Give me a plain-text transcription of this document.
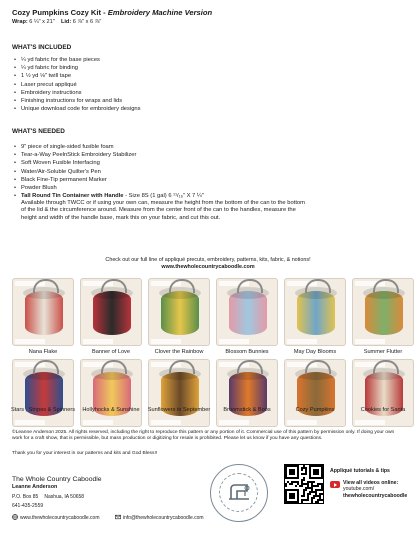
Cozy Pumpkins Cozy Kit - Embroidery Machine Version
Wrap: 6 ¼" x 21" Lid: 6 ⅞" x 6 ⅞"
WHAT'S INCLUDED
• ¼ yd fabric for the base pieces
• ¼ yd fabric for binding
• 1 ½ yd ⅛" twill tape
• Laser precut appliqué
• Embroidery instructions
• Finishing instructions for wraps and lids
• Unique download code for embroidery designs
WHAT'S NEEDED
• 9" piece of single-sided fusible foam
• Tear-a-Way PeelnStick Embroidery Stabilizer
• Soft Woven Fusible Interfacing
• Water/Air-Soluble Quilter's Pen
• Black Fine-Tip permanent Marker
• Powder Blush
• Tall Round Tin Container with Handle - Size 8S (1 gal) 6 ¹¹/₁₆" X 7 ¼"
Available through TWCC or if using your own can, measure the height from the bottom of the can to the bottom of the lid & the circumference around. Measure from the center front of the can to the handles, measure the height and width of the handle base, mark this on your fabric, and cut this out.
Check out our full line of appliqué precuts, embroidery, patterns, kits, fabric, & notions!
www.thewholecountrycaboodle.com
Nana Flake	Banner of Love	Clover the Rainbow	Blossom Bunnies	May Day Blooms	Summer Flutter
Stars , Stripes & Spinners	Hollyhocks & Sunshine	Sunflowers in September	Broomstick & Boos	Cozy Pumpkins	Cookies for Santa
©Leanne Anderson 2025. All rights reserved, including the right to reproduce this pattern or any portion of it. Commercial use of this pattern by permission only. If doing your own work for a craft show, that is permissible, but mass production or digitizing for resale is prohibited. Please let us know if you have any questions.
Thank you for your interest in our patterns and kits and God Bless!!
The Whole Country Caboodle
Leanne Anderson
P.O. Box 85 Nashua, IA 50658
641-435-2559
www.thewholecountrycaboodle.com	info@thewholecountrycaboodle.com
Appliqué tutorials & tips
View all videos online:
youtube.com/
thewholecountrycaboodle
